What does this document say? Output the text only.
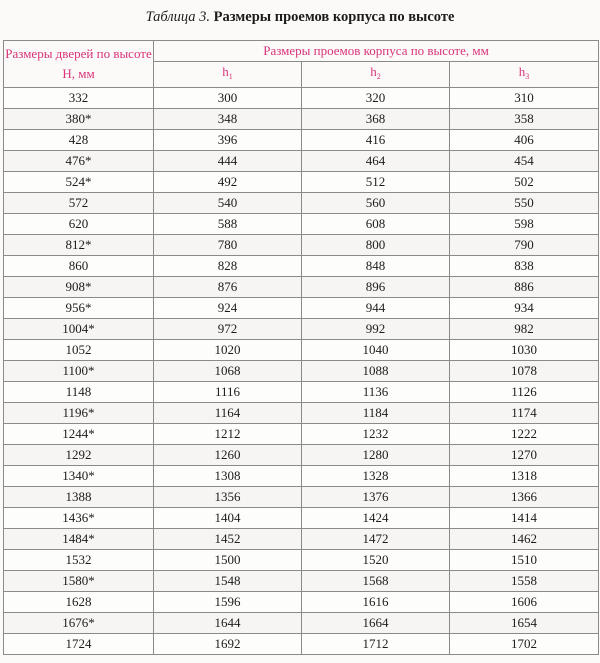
Таблица 3. Размеры проемов корпуса по высоте
Размеры дверей по высоте Н, мм	Размеры проемов корпуса по высоте, мм		
	$h_1$	$h_2$	$h_3$
332	300	320	310
380*	348	368	358
428	396	416	406
476*	444	464	454
524*	492	512	502
572	540	560	550
620	588	608	598
812*	780	800	790
860	828	848	838
908*	876	896	886
956*	924	944	934
1004*	972	992	982
1052	1020	1040	1030
1100*	1068	1088	1078
1148	1116	1136	1126
1196*	1164	1184	1174
1244*	1212	1232	1222
1292	1260	1280	1270
1340*	1308	1328	1318
1388	1356	1376	1366
1436*	1404	1424	1414
1484*	1452	1472	1462
1532	1500	1520	1510
1580*	1548	1568	1558
1628	1596	1616	1606
1676*	1644	1664	1654
1724	1692	1712	1702
